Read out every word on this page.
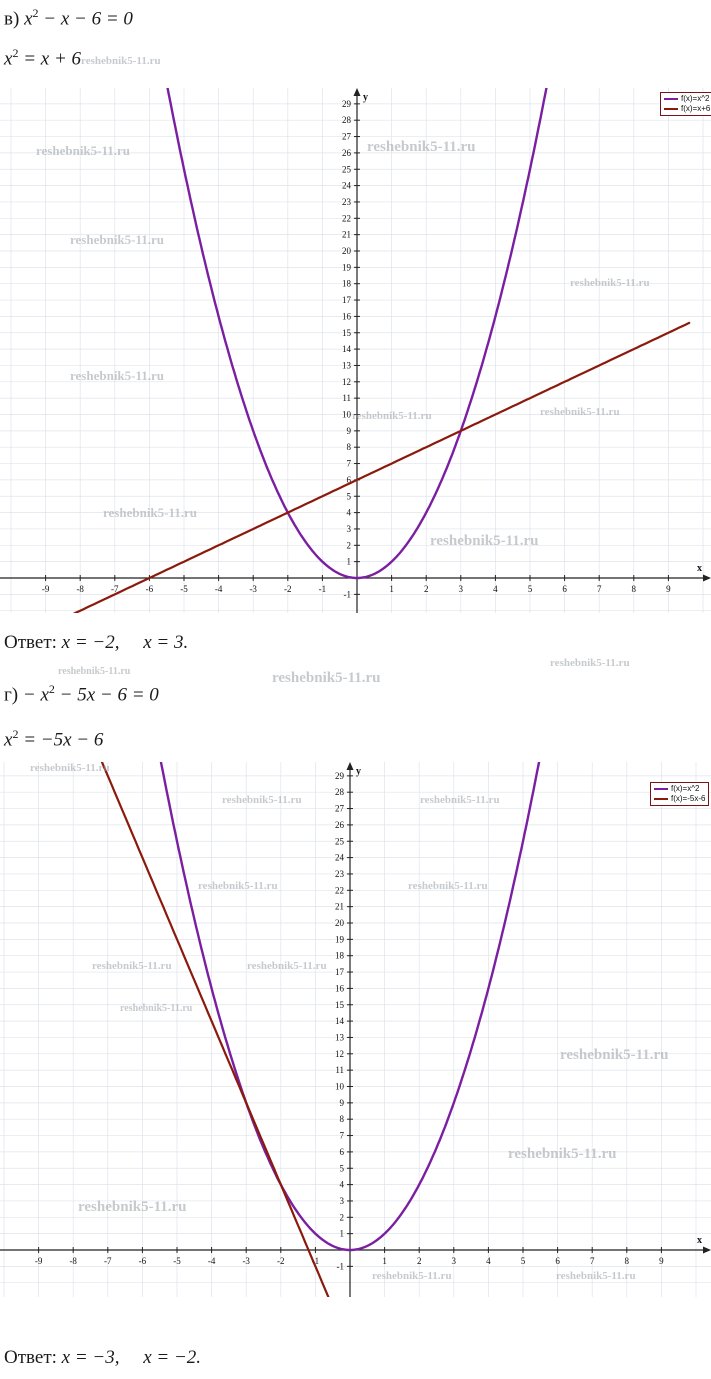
в) $x^2 - x - 6 = 0$
$x^2 = x$ + 6reshebnik5-11.ru
x
y
-9	-8	-7	-6	-5	-4	-3	-2	-1	1	2	3	4	5	6	7	8	9
-1
1
2
3
4
5
6
7
8
9
10
11
12
13
14
15
16
17
18
19
20
21
22
23
24
25
26
27
28
29
f(x)=x^2
f(x)=x+6
Ответ: x = −2, x = 3.
$г) - x^2 - 5x - 6 = 0$
$x^2 = -5x - 6$
x
y
-9	-8	-7	-6	-5	-4	-3	-2	-1	1	2	3	4	5	6	7	8	9
-1
1
2
3
4
5
6
7
8
9
10
11
12
13
14
15
16
17
18
19
20
21
22
23
24
25
26
27
28
29
f(x)=x^2
f(x)=-5x-6
Ответ: x = −3, x = −2.
reshebnik5-11.ru
reshebnik5-11.ru
reshebnik5-11.ru
reshebnik5-11.ru
reshebnik5-11.ru
reshebnik5-11.ru
reshebnik5-11.ru
reshebnik5-11.ru
reshebnik5-11.ru
reshebnik5-11.ru	reshebnik5-11.ru
reshebnik5-11.ru
reshebnik5-11.ru
reshebnik5-11.ru	reshebnik5-11.ru
reshebnik5-11.ru	reshebnik5-11.ru
reshebnik5-11.ru	reshebnik5-11.ru
reshebnik5-11.ru
reshebnik5-11.ru
reshebnik5-11.ru
reshebnik5-11.ru
reshebnik5-11.ru	reshebnik5-11.ru
